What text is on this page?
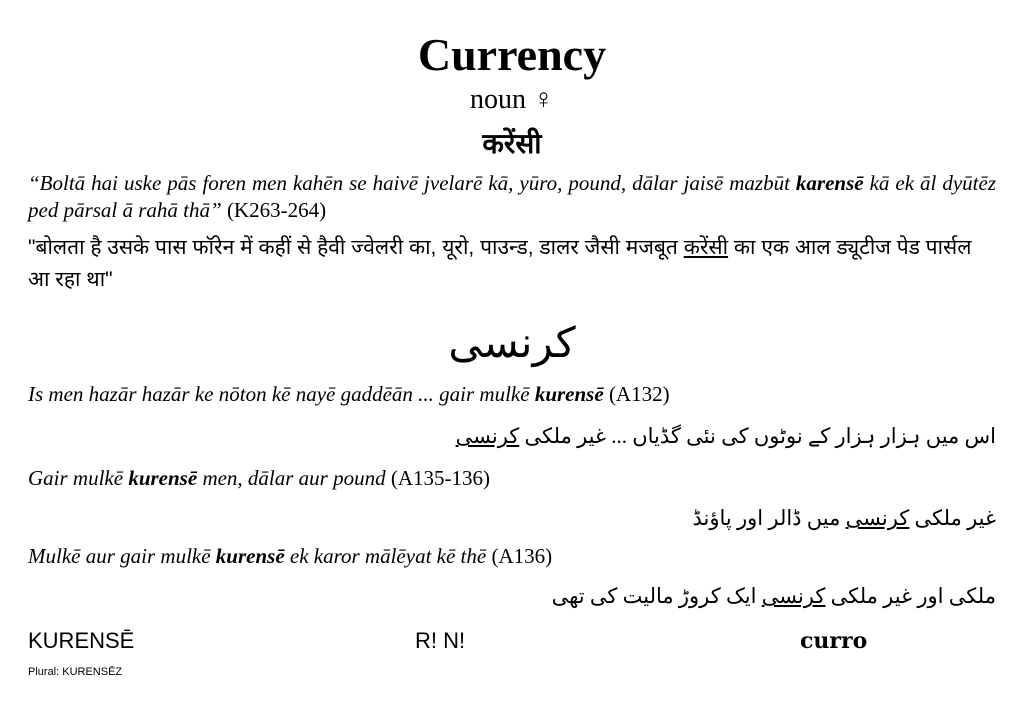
Currency
noun ♀
करेंसी
“Boltā hai uske pās foren men kahēn se haivē jvelarē kā, yūro, pound, dālar jaisē mazbūt karensē kā ek āl dyūtēz ped pārsal ā rahā thā” (K263-264)
"बोलता है उसके पास फॉरेन में कहीं से हैवी ज्वेलरी का, यूरो, पाउन्ड, डालर जैसी मजबूत करेंसी का एक आल ड्यूटीज पेड पार्सल आ रहा था"
کرنسی
Is men hazār hazār ke nōton kē nayē gaddēān ... gair mulkē kurensē (A132)
اس میں ہزار ہزار کے نوٹوں کی نئی گڈیاں ... غیر ملکی کرنسی
Gair mulkē kurensē men, dālar aur pound (A135-136)
غیر ملکی کرنسی میں ڈالر اور پاؤنڈ
Mulkē aur gair mulkē kurensē ek karor mālēyat kē thē (A136)
ملکی اور غیر ملکی کرنسی ایک کروڑ مالیت کی تھی
KURENSĒ
Plural: KURENSĒZ
R! N!	curro
